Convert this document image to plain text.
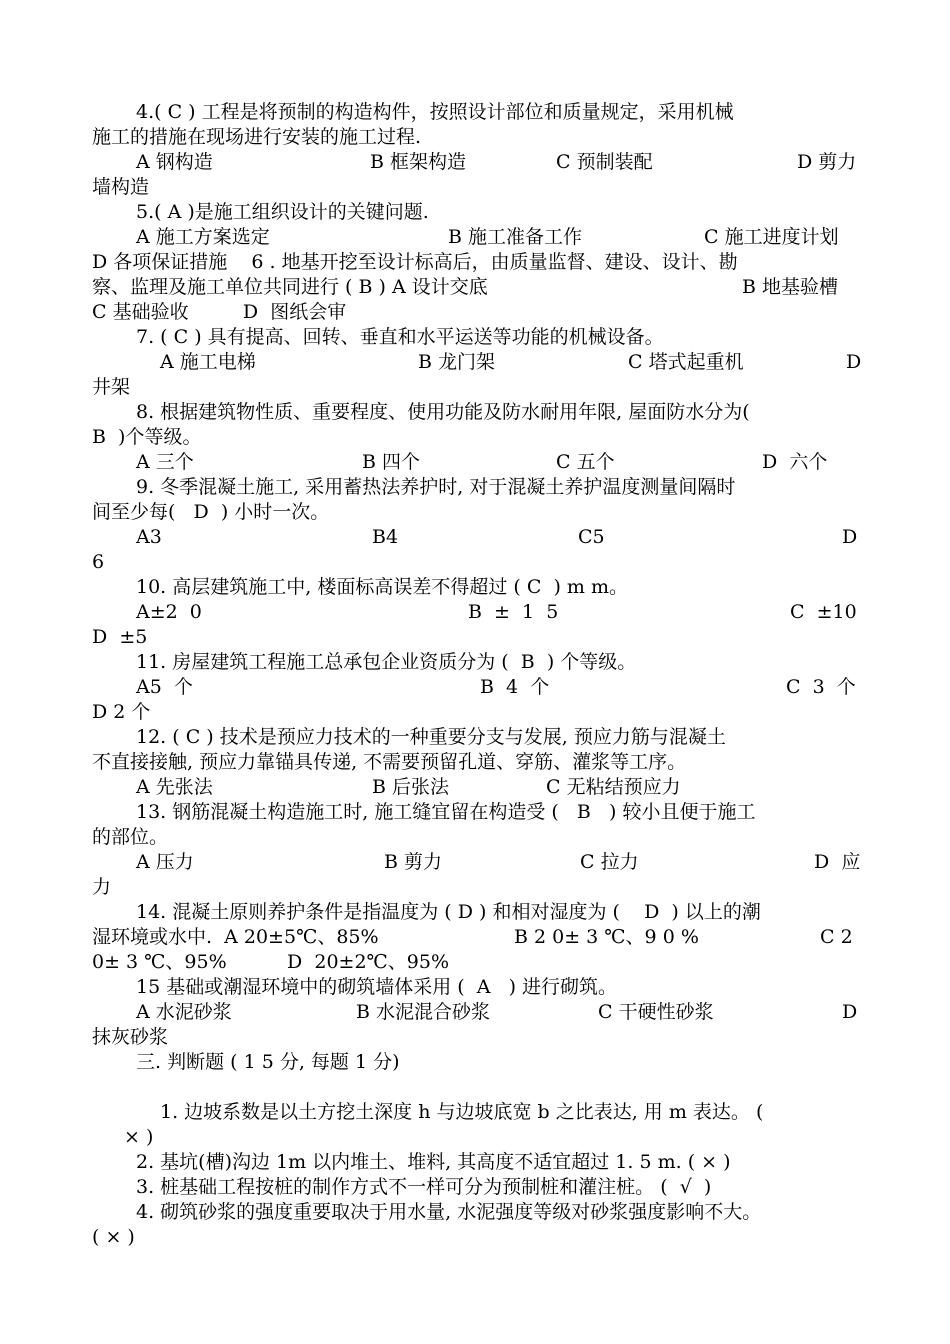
4.( C ) 工程是将预制的构造构件，按照设计部位和质量规定，采用机械
施工的措施在现场进行安装的施工过程.
A 钢构造	B 框架构造	C 预制装配	D 剪力
墙构造
5.( A )是施工组织设计的关键问题.
A 施工方案选定	B 施工准备工作	C 施工进度计划
D 各项保证措施    6 . 地基开挖至设计标高后，由质量监督、建设、设计、勘
察、监理及施工单位共同进行 ( B ) A 设计交底	B 地基验槽
C 基础验收         D  图纸会审
7. ( C ) 具有提高、回转、垂直和水平运送等功能的机械设备。
A 施工电梯	B 龙门架	C 塔式起重机	D
井架
8. 根据建筑物性质、重要程度、使用功能及防水耐用年限, 屋面防水分为(
B  )个等级。
A 三个	B 四个	C 五个	D  六个
9. 冬季混凝土施工, 采用蓄热法养护时, 对于混凝土养护温度测量间隔时
间至少每(   D  ) 小时一次。
A3	B4	C5	D
6
10. 高层建筑施工中, 楼面标高误差不得超过 ( C  ) m m。
A±2  0	B  ±  1  5	C  ±10
D  ±5
11. 房屋建筑工程施工总承包企业资质分为 (  B  ) 个等级。
A5  个	B  4  个	C  3  个
D 2 个
12. ( C ) 技术是预应力技术的一种重要分支与发展, 预应力筋与混凝土
不直接接触, 预应力靠锚具传递, 不需要预留孔道、穿筋、灌浆等工序。
A 先张法	B 后张法	C 无粘结预应力
13. 钢筋混凝土构造施工时, 施工缝宜留在构造受 (   B   ) 较小且便于施工
的部位。
A 压力	B 剪力	C 拉力	D  应
力
14. 混凝土原则养护条件是指温度为 ( D ) 和相对湿度为 (    D  ) 以上的潮
湿环境或水中.  A 20±5℃、85%	B 2 0± 3 ℃、9 0 %	C 2
0± 3 ℃、95%          D  20±2℃、95%
15 基础或潮湿环境中的砌筑墙体采用 (  A   ) 进行砌筑。
A 水泥砂浆	B 水泥混合砂浆	C 干硬性砂浆	D
抹灰砂浆
三. 判断题 ( 1 5 分, 每题 1 分)
1. 边坡系数是以土方挖土深度 h 与边坡底宽 b 之比表达, 用 m 表达。 (
× )
2. 基坑(槽)沟边 1m 以内堆土、堆料, 其高度不适宜超过 1. 5 m. ( × )
3. 桩基础工程按桩的制作方式不一样可分为预制桩和灌注桩。 (  √  )
4. 砌筑砂浆的强度重要取决于用水量, 水泥强度等级对砂浆强度影响不大。
( × )
